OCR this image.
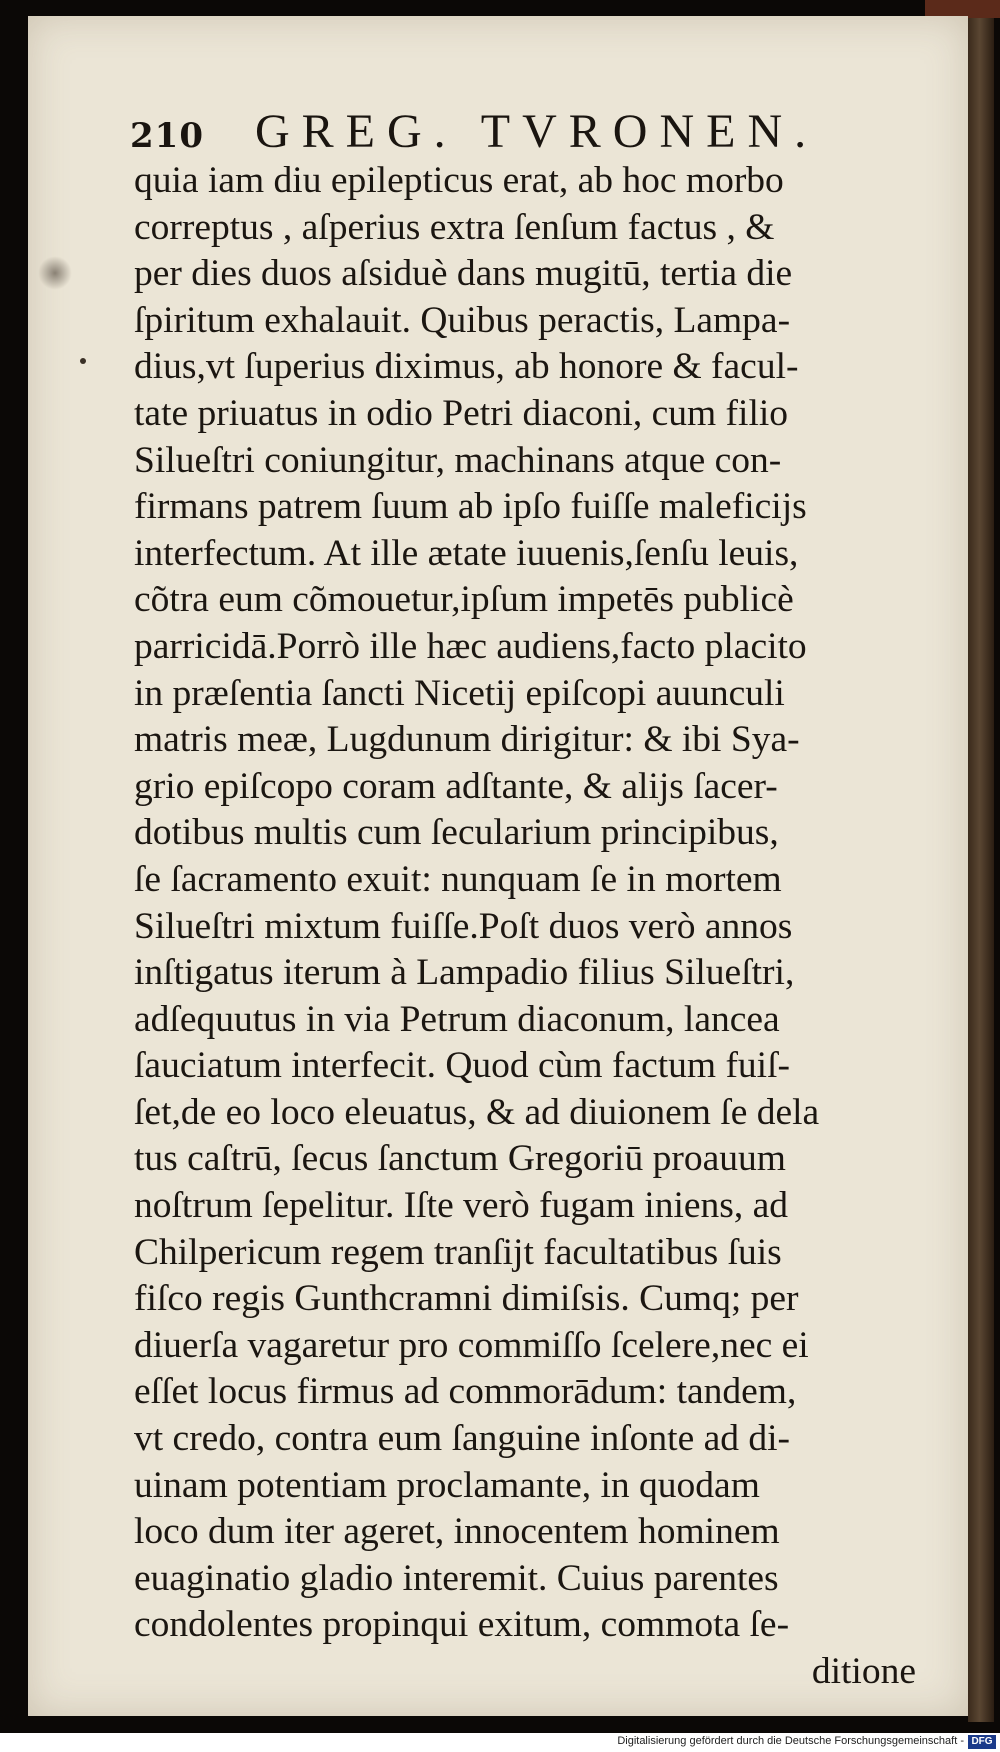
210 GREG. TVRONEN.
quia iam diu epilepticus erat, ab hoc morbo
correptus , aſperius extra ſenſum factus , &
per dies duos aſsiduè dans mugitū, tertia die
ſpiritum exhalauit. Quibus peractis, Lampa-
dius,vt ſuperius diximus, ab honore & facul-
tate priuatus in odio Petri diaconi, cum filio
Silueſtri coniungitur, machinans atque con-
firmans patrem ſuum ab ipſo fuiſſe maleficijs
interfectum. At ille ætate iuuenis,ſenſu leuis,
cõtra eum cõmouetur,ipſum impetēs publicè
parricidā.Porrò ille hæc audiens,facto placito
in præſentia ſancti Nicetij epiſcopi auunculi
matris meæ, Lugdunum dirigitur: & ibi Sya-
grio epiſcopo coram adſtante, & alijs ſacer-
dotibus multis cum ſecularium principibus,
ſe ſacramento exuit: nunquam ſe in mortem
Silueſtri mixtum fuiſſe.Poſt duos verò annos
inſtigatus iterum à Lampadio filius Silueſtri,
adſequutus in via Petrum diaconum, lancea
ſauciatum interfecit. Quod cùm factum fuiſ-
ſet,de eo loco eleuatus, & ad diuionem ſe dela
tus caſtrū, ſecus ſanctum Gregoriū proauum
noſtrum ſepelitur. Iſte verò fugam iniens, ad
Chilpericum regem tranſijt facultatibus ſuis
fiſco regis Gunthcramni dimiſsis. Cumq; per
diuerſa vagaretur pro commiſſo ſcelere,nec ei
eſſet locus firmus ad commorādum: tandem,
vt credo, contra eum ſanguine inſonte ad di-
uinam potentiam proclamante, in quodam
loco dum iter ageret, innocentem hominem
euaginatio gladio interemit. Cuius parentes
condolentes propinqui exitum, commota ſe-
ditione
Digitalisierung gefördert durch die Deutsche Forschungsgemeinschaft - DFG
